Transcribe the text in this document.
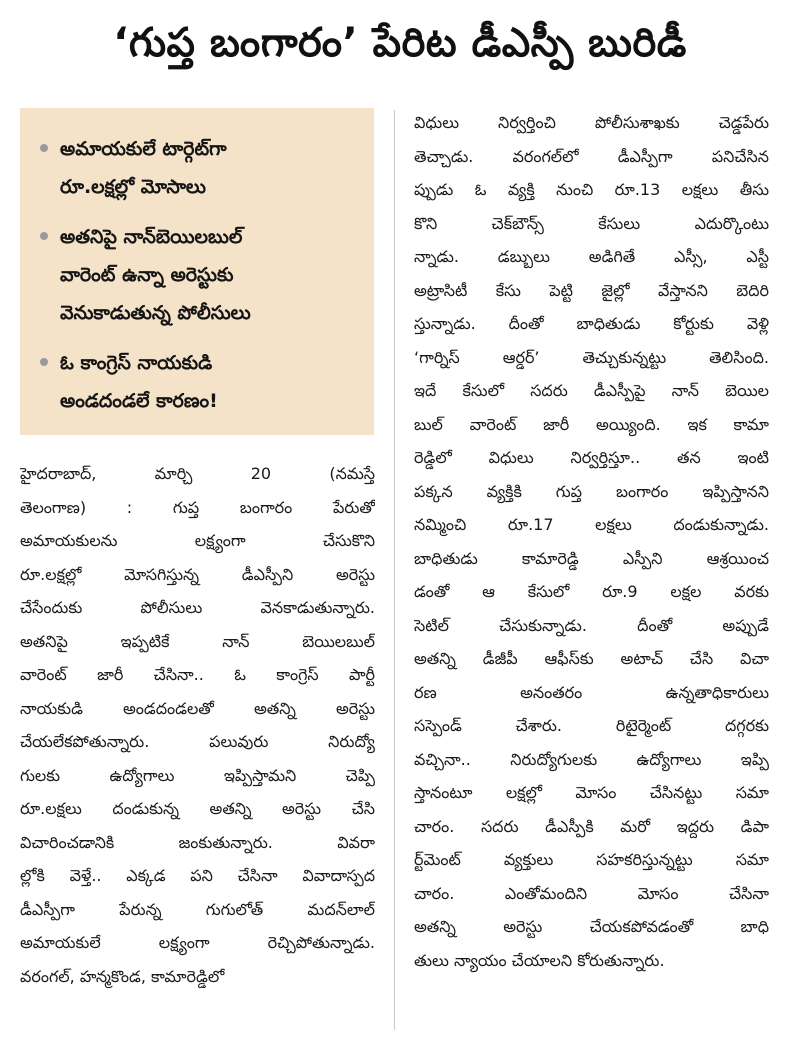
‘గుప్త బంగారం’ పేరిట డీఎస్పీ బురిడీ
అమాయకులే టార్గెట్‌గా
రూ.లక్షల్లో మోసాలు
అతనిపై నాన్‌బెయిలబుల్
వారెంట్ ఉన్నా అరెస్టుకు
వెనుకాడుతున్న పోలీసులు
ఓ కాంగ్రెస్ నాయకుడి
అండదండలే కారణం!
హైదరాబాద్, మార్చి 20 (నమస్తే
తెలంగాణ) : గుప్త బంగారం పేరుతో
అమాయకులను లక్ష్యంగా చేసుకొని
రూ.లక్షల్లో మోసగిస్తున్న డీఎస్పీని అరెస్టు
చేసేందుకు పోలీసులు వెనకాడుతున్నారు.
అతనిపై ఇప్పటికే నాన్ బెయిలబుల్
వారెంట్ జారీ చేసినా.. ఓ కాంగ్రెస్ పార్టీ
నాయకుడి అండదండలతో అతన్ని అరెస్టు
చేయలేకపోతున్నారు. పలువురు నిరుద్యో
గులకు ఉద్యోగాలు ఇప్పిస్తామని చెప్పి
రూ.లక్షలు దండుకున్న అతన్ని అరెస్టు చేసి
విచారించడానికి జంకుతున్నారు. వివరా
ల్లోకి వెళ్తే.. ఎక్కడ పని చేసినా వివాదాస్పద
డీఎస్పీగా పేరున్న గుగులోత్ మదన్‌లాల్
అమాయకులే లక్ష్యంగా రెచ్చిపోతున్నాడు.
వరంగల్, హన్మకొండ, కామారెడ్డిలో
విధులు నిర్వర్తించి పోలీసుశాఖకు చెడ్డపేరు
తెచ్చాడు. వరంగల్‌లో డీఎస్పీగా పనిచేసిన
ప్పుడు ఓ వ్యక్తి నుంచి రూ.13 లక్షలు తీసు
కొని చెక్‌బౌన్స్ కేసులు ఎదుర్కొంటు
న్నాడు. డబ్బులు అడిగితే ఎస్సీ, ఎస్టీ
అట్రాసిటీ కేసు పెట్టి జైల్లో వేస్తానని బెదిరి
స్తున్నాడు. దీంతో బాధితుడు కోర్టుకు వెళ్లి
‘గార్నిస్ ఆర్డర్’ తెచ్చుకున్నట్టు తెలిసింది.
ఇదే కేసులో సదరు డీఎస్పీపై నాన్ బెయిల
బుల్ వారెంట్ జారీ అయ్యింది. ఇక కామా
రెడ్డిలో విధులు నిర్వర్తిస్తూ.. తన ఇంటి
పక్కన వ్యక్తికి గుప్త బంగారం ఇప్పిస్తానని
నమ్మించి రూ.17 లక్షలు దండుకున్నాడు.
బాధితుడు కామారెడ్డి ఎస్పీని ఆశ్రయించ
డంతో ఆ కేసులో రూ.9 లక్షల వరకు
సెటిల్ చేసుకున్నాడు. దీంతో అప్పుడే
అతన్ని డీజీపీ ఆఫీస్‌కు అటాచ్ చేసి విచా
రణ అనంతరం ఉన్నతాధికారులు
సస్పెండ్ చేశారు. రిటైర్మెంట్ దగ్గరకు
వచ్చినా.. నిరుద్యోగులకు ఉద్యోగాలు ఇప్పి
స్తానంటూ లక్షల్లో మోసం చేసినట్టు సమా
చారం. సదరు డీఎస్పీకి మరో ఇద్దరు డిపా
ర్ట్‌మెంట్ వ్యక్తులు సహకరిస్తున్నట్టు సమా
చారం. ఎంతోమందిని మోసం చేసినా
అతన్ని అరెస్టు చేయకపోవడంతో బాధి
తులు న్యాయం చేయాలని కోరుతున్నారు.
